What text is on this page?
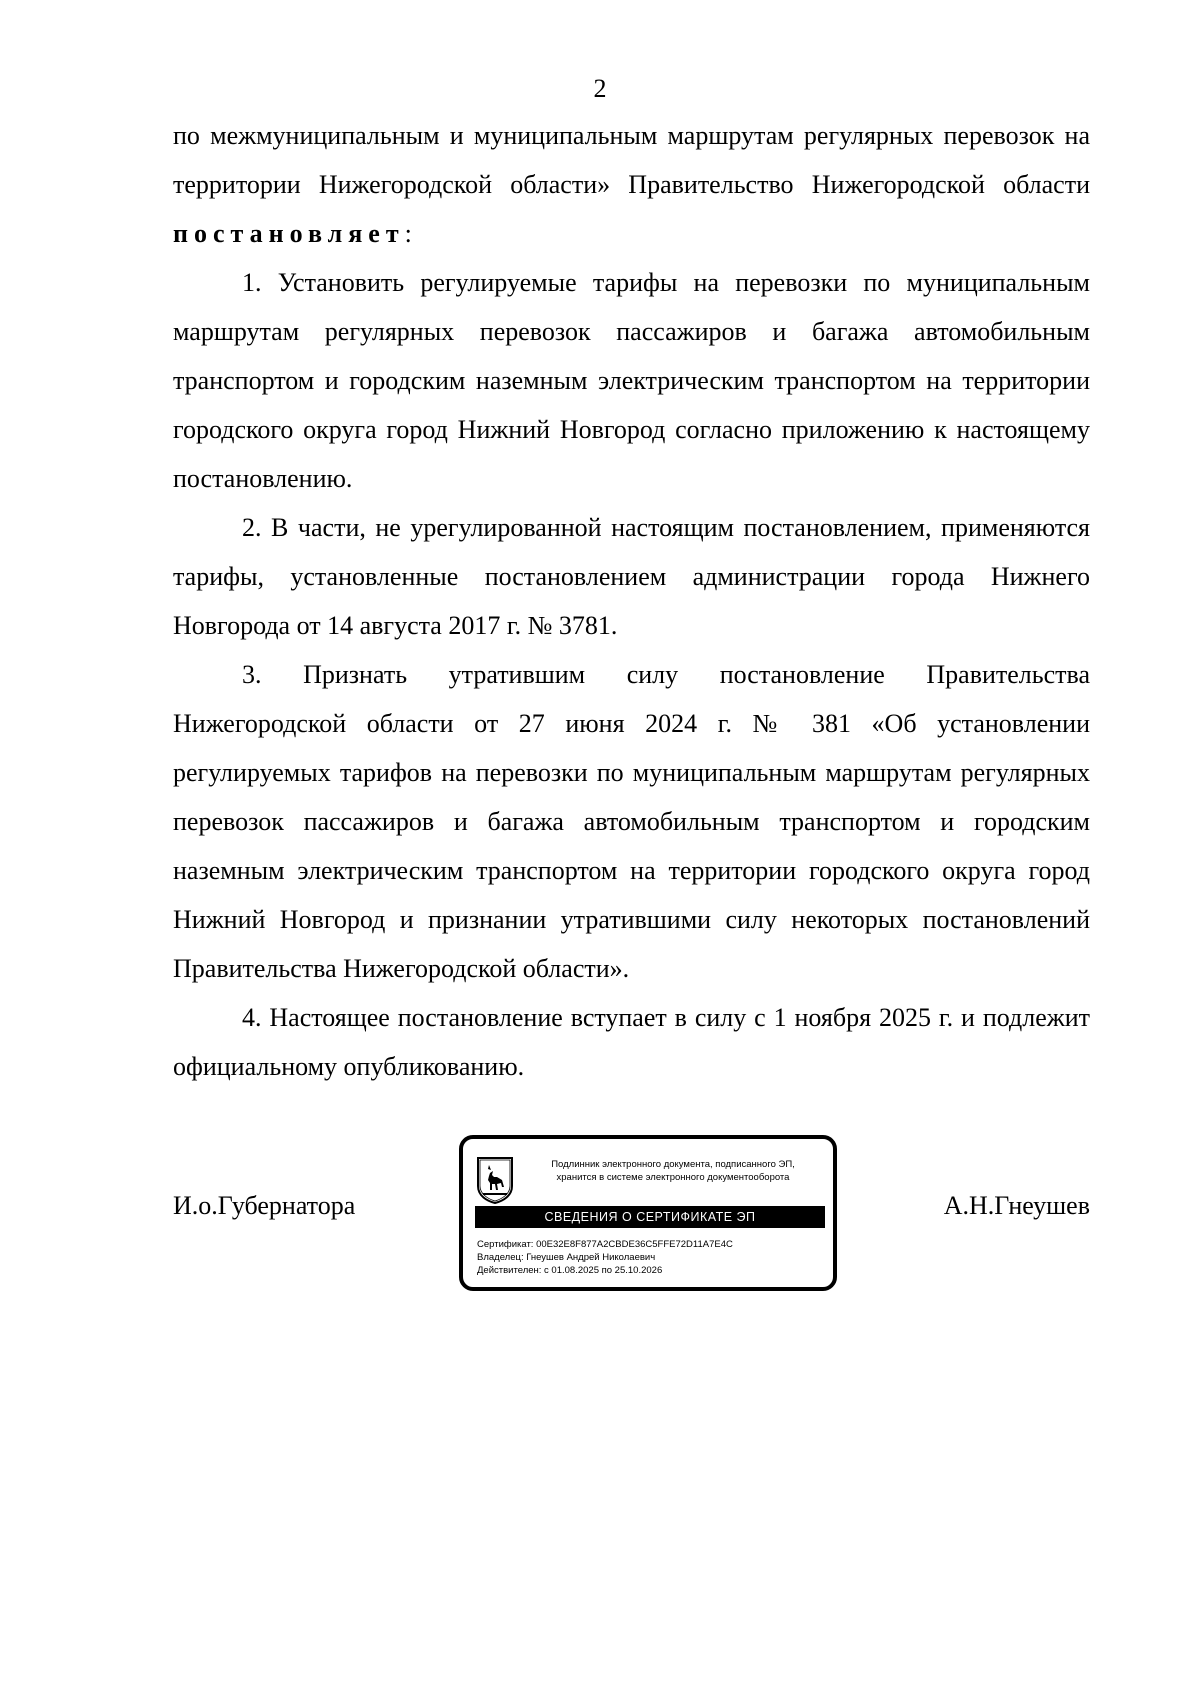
2

по межмуниципальным и муниципальным маршрутам регулярных перевозок на территории Нижегородской области» Правительство Нижегородской области постановляет:

1. Установить регулируемые тарифы на перевозки по муниципальным маршрутам регулярных перевозок пассажиров и багажа автомобильным транспортом и городским наземным электрическим транспортом на территории городского округа город Нижний Новгород согласно приложению к настоящему постановлению.

2. В части, не урегулированной настоящим постановлением, применяются тарифы, установленные постановлением администрации города Нижнего Новгорода от 14 августа 2017 г. № 3781.

3. Признать утратившим силу постановление Правительства Нижегородской области от 27 июня 2024 г. № 381 «Об установлении регулируемых тарифов на перевозки по муниципальным маршрутам регулярных перевозок пассажиров и багажа автомобильным транспортом и городским наземным электрическим транспортом на территории городского округа город Нижний Новгород и признании утратившими силу некоторых постановлений Правительства Нижегородской области».

4. Настоящее постановление вступает в силу с 1 ноября 2025 г. и подлежит официальному опубликованию.

И.о.Губернатора
Подлинник электронного документа, подписанного ЭП,
хранится в системе электронного документооборота
СВЕДЕНИЯ О СЕРТИФИКАТЕ ЭП
Сертификат: 00E32E8F877A2CBDE36C5FFE72D11A7E4C
Владелец: Гнеушев Андрей Николаевич
Действителен: с 01.08.2025 по 25.10.2026
А.Н.Гнеушев
